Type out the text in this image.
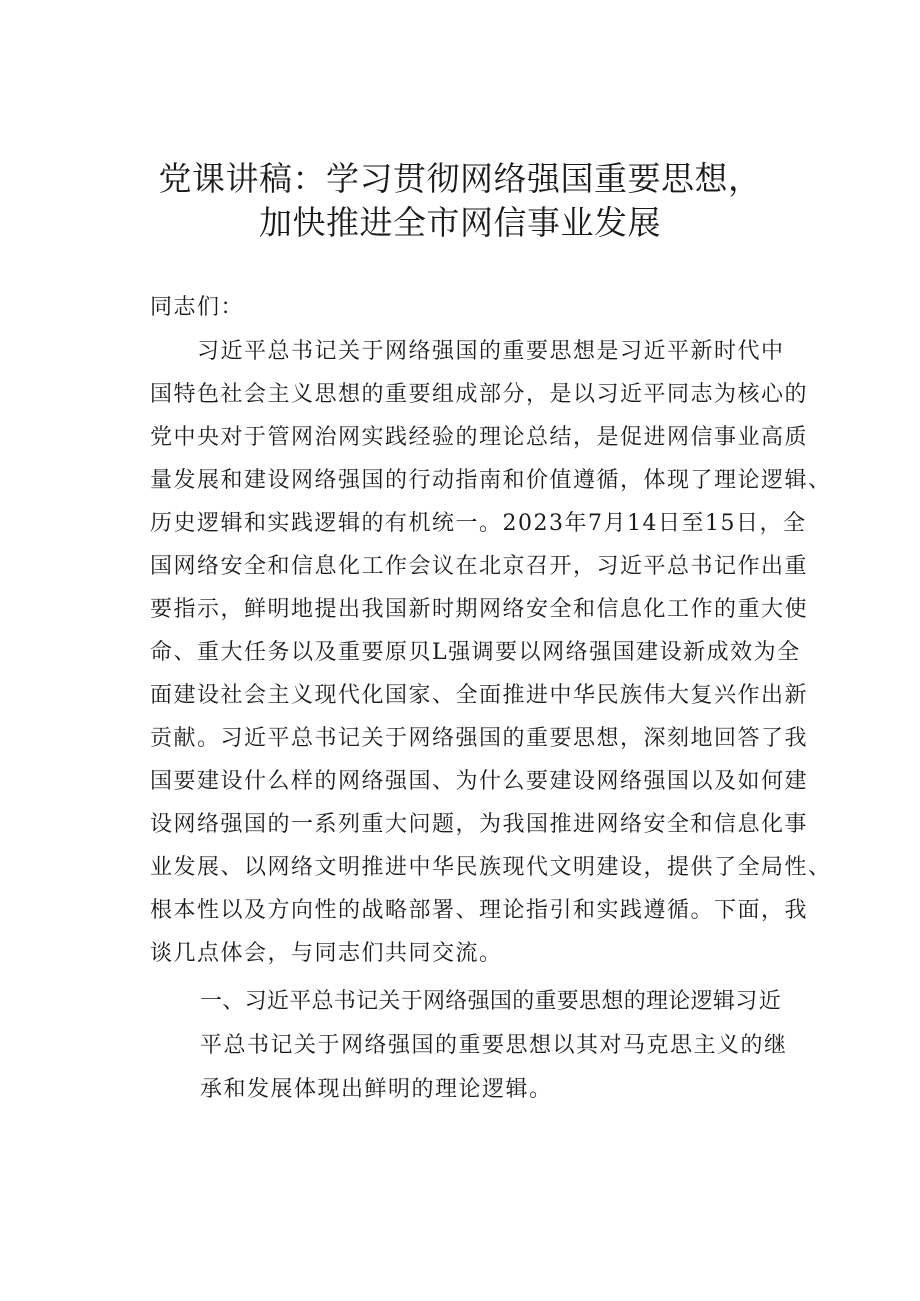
党课讲稿：学习贯彻网络强国重要思想，
加快推进全市网信事业发展
同志们：
　　习近平总书记关于网络强国的重要思想是习近平新时代中
国特色社会主义思想的重要组成部分，是以习近平同志为核心的
党中央对于管网治网实践经验的理论总结，是促进网信事业高质
量发展和建设网络强国的行动指南和价值遵循，体现了理论逻辑、
历史逻辑和实践逻辑的有机统一。2023年7月14日至15日，全
国网络安全和信息化工作会议在北京召开，习近平总书记作出重
要指示，鲜明地提出我国新时期网络安全和信息化工作的重大使
命、重大任务以及重要原贝L强调要以网络强国建设新成效为全
面建设社会主义现代化国家、全面推进中华民族伟大复兴作出新
贡献。习近平总书记关于网络强国的重要思想，深刻地回答了我
国要建设什么样的网络强国、为什么要建设网络强国以及如何建
设网络强国的一系列重大问题，为我国推进网络安全和信息化事
业发展、以网络文明推进中华民族现代文明建设，提供了全局性、
根本性以及方向性的战略部署、理论指引和实践遵循。下面，我
谈几点体会，与同志们共同交流。
一、习近平总书记关于网络强国的重要思想的理论逻辑习近
平总书记关于网络强国的重要思想以其对马克思主义的继
承和发展体现出鲜明的理论逻辑。
